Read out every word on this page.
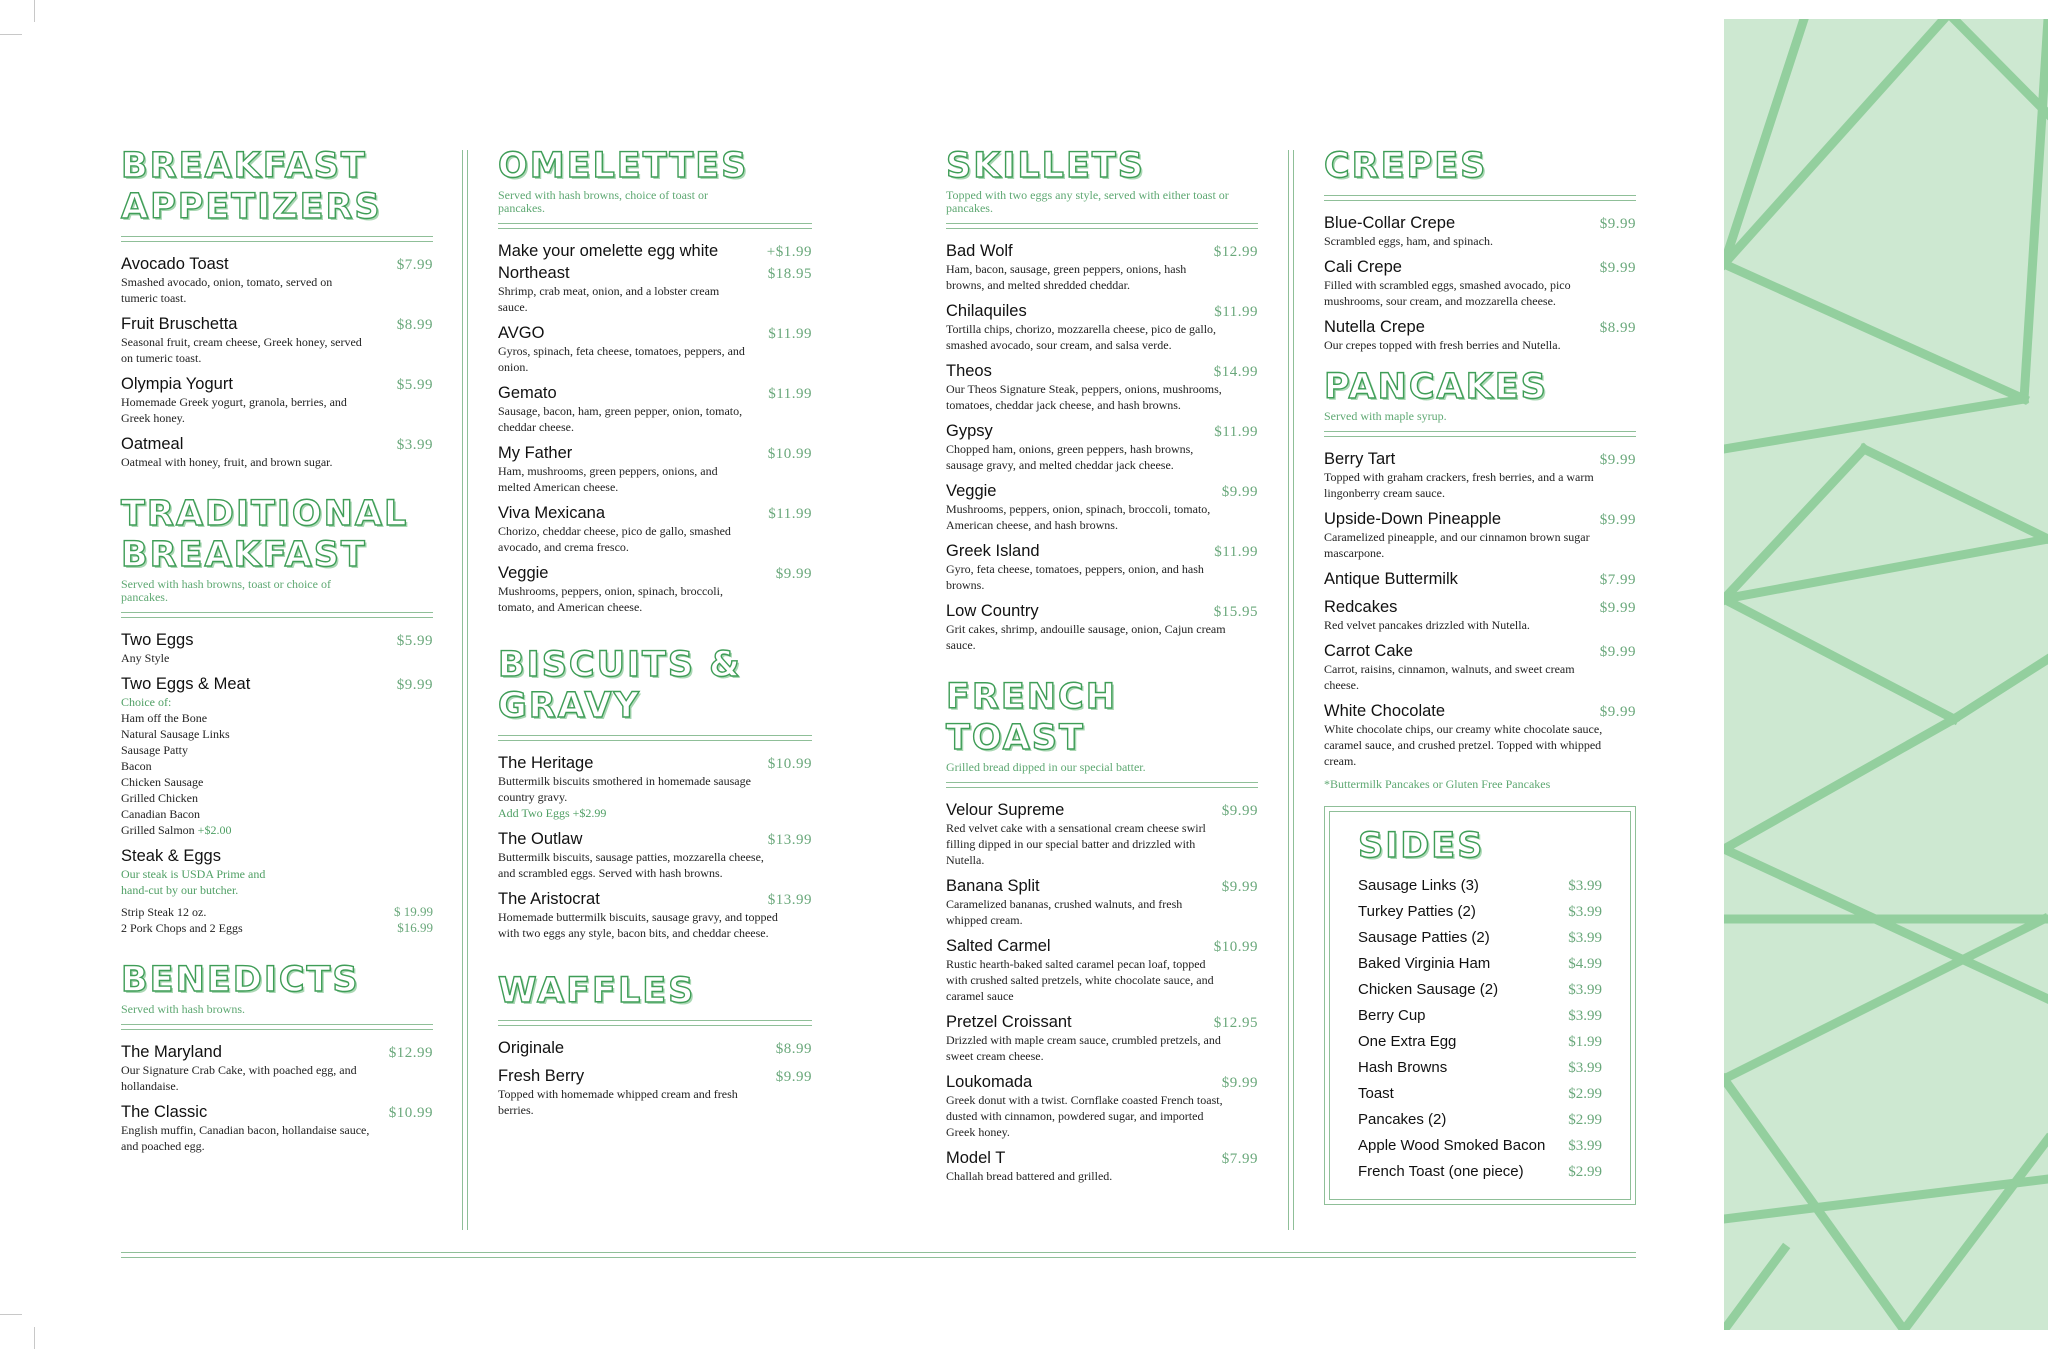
BREAKFAST
APPETIZERS
Avocado Toast	$7.99
Smashed avocado, onion, tomato, served on tumeric toast.
Fruit Bruschetta	$8.99
Seasonal fruit, cream cheese, Greek honey, served on tumeric toast.
Olympia Yogurt	$5.99
Homemade Greek yogurt, granola, berries, and Greek honey.
Oatmeal	$3.99
Oatmeal with honey, fruit, and brown sugar.
TRADITIONAL
BREAKFAST
Served with hash browns, toast or choice of pancakes.
Two Eggs	$5.99
Any Style
Two Eggs & Meat	$9.99
Choice of:
Ham off the Bone
Natural Sausage Links
Sausage Patty
Bacon
Chicken Sausage
Grilled Chicken
Canadian Bacon
Grilled Salmon +$2.00
Steak & Eggs
Our steak is USDA Prime and hand-cut by our butcher.
Strip Steak 12 oz.	$ 19.99
2 Pork Chops and 2 Eggs	$16.99
BENEDICTS
Served with hash browns.
The Maryland	$12.99
Our Signature Crab Cake, with poached egg, and hollandaise.
The Classic	$10.99
English muffin, Canadian bacon, hollandaise sauce, and poached egg.
OMELETTES
Served with hash browns, choice of toast or pancakes.
Make your omelette egg white	+$1.99
Northeast	$18.95
Shrimp, crab meat, onion, and a lobster cream sauce.
AVGO	$11.99
Gyros, spinach, feta cheese, tomatoes, peppers, and onion.
Gemato	$11.99
Sausage, bacon, ham, green pepper, onion, tomato, cheddar cheese.
My Father	$10.99
Ham, mushrooms, green peppers, onions, and melted American cheese.
Viva Mexicana	$11.99
Chorizo, cheddar cheese, pico de gallo, smashed avocado, and crema fresco.
Veggie	$9.99
Mushrooms, peppers, onion, spinach, broccoli, tomato, and American cheese.
BISCUITS & GRAVY
The Heritage	$10.99
Buttermilk biscuits smothered in homemade sausage country gravy.
Add Two Eggs +$2.99
The Outlaw	$13.99
Buttermilk biscuits, sausage patties, mozzarella cheese, and scrambled eggs. Served with hash browns.
The Aristocrat	$13.99
Homemade buttermilk biscuits, sausage gravy, and topped with two eggs any style, bacon bits, and cheddar cheese.
WAFFLES
Originale	$8.99
Fresh Berry	$9.99
Topped with homemade whipped cream and fresh berries.
SKILLETS
Topped with two eggs any style, served with either toast or pancakes.
Bad Wolf	$12.99
Ham, bacon, sausage, green peppers, onions, hash browns, and melted shredded cheddar.
Chilaquiles	$11.99
Tortilla chips, chorizo, mozzarella cheese, pico de gallo, smashed avocado, sour cream, and salsa verde.
Theos	$14.99
Our Theos Signature Steak, peppers, onions, mushrooms, tomatoes, cheddar jack cheese, and hash browns.
Gypsy	$11.99
Chopped ham, onions, green peppers, hash browns, sausage gravy, and melted cheddar jack cheese.
Veggie	$9.99
Mushrooms, peppers, onion, spinach, broccoli, tomato, American cheese, and hash browns.
Greek Island	$11.99
Gyro, feta cheese, tomatoes, peppers, onion, and hash browns.
Low Country	$15.95
Grit cakes, shrimp, andouille sausage, onion, Cajun cream sauce.
FRENCH TOAST
Grilled bread dipped in our special batter.
Velour Supreme	$9.99
Red velvet cake with a sensational cream cheese swirl filling dipped in our special batter and drizzled with Nutella.
Banana Split	$9.99
Caramelized bananas, crushed walnuts, and fresh whipped cream.
Salted Carmel	$10.99
Rustic hearth-baked salted caramel pecan loaf, topped with crushed salted pretzels, white chocolate sauce, and caramel sauce
Pretzel Croissant	$12.95
Drizzled with maple cream sauce, crumbled pretzels, and sweet cream cheese.
Loukomada	$9.99
Greek donut with a twist. Cornflake coasted French toast, dusted with cinnamon, powdered sugar, and imported Greek honey.
Model T	$7.99
Challah bread battered and grilled.
CREPES
Blue-Collar Crepe	$9.99
Scrambled eggs, ham, and spinach.
Cali Crepe	$9.99
Filled with scrambled eggs, smashed avocado, pico mushrooms, sour cream, and mozzarella cheese.
Nutella Crepe	$8.99
Our crepes topped with fresh berries and Nutella.
PANCAKES
Served with maple syrup.
Berry Tart	$9.99
Topped with graham crackers, fresh berries, and a warm lingonberry cream sauce.
Upside-Down Pineapple	$9.99
Caramelized pineapple, and our cinnamon brown sugar mascarpone.
Antique Buttermilk	$7.99
Redcakes	$9.99
Red velvet pancakes drizzled with Nutella.
Carrot Cake	$9.99
Carrot, raisins, cinnamon, walnuts, and sweet cream cheese.
White Chocolate	$9.99
White chocolate chips, our creamy white chocolate sauce, caramel sauce, and crushed pretzel. Topped with whipped cream.
*Buttermilk Pancakes or Gluten Free Pancakes
SIDES
Sausage Links (3)	$3.99
Turkey Patties (2)	$3.99
Sausage Patties (2)	$3.99
Baked Virginia Ham	$4.99
Chicken Sausage (2)	$3.99
Berry Cup	$3.99
One Extra Egg	$1.99
Hash Browns	$3.99
Toast	$2.99
Pancakes (2)	$2.99
Apple Wood Smoked Bacon $3.99
French Toast (one piece)	$2.99
